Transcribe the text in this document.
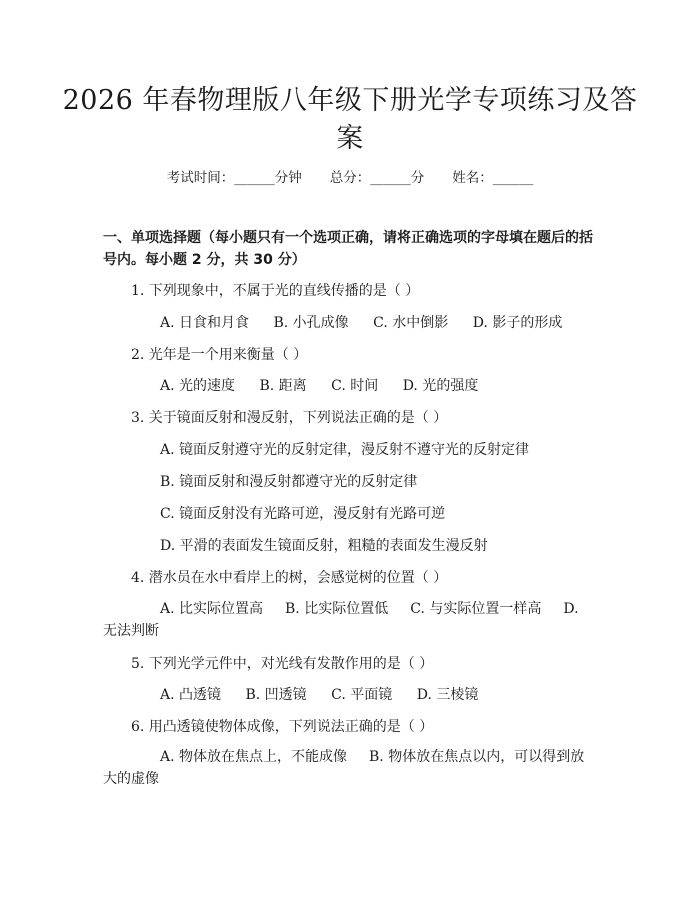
2026 年春物理版八年级下册光学专项练习及答案
考试时间：______分钟 总分：______分 姓名：______
一、单项选择题（每小题只有一个选项正确，请将正确选项的字母填在题后的括号内。每小题 2 分，共 30 分）
1. 下列现象中，不属于光的直线传播的是（ ）
A. 日食和月食 B. 小孔成像 C. 水中倒影 D. 影子的形成
2. 光年是一个用来衡量（ ）
A. 光的速度 B. 距离 C. 时间 D. 光的强度
3. 关于镜面反射和漫反射，下列说法正确的是（ ）
A. 镜面反射遵守光的反射定律，漫反射不遵守光的反射定律
B. 镜面反射和漫反射都遵守光的反射定律
C. 镜面反射没有光路可逆，漫反射有光路可逆
D. 平滑的表面发生镜面反射，粗糙的表面发生漫反射
4. 潜水员在水中看岸上的树，会感觉树的位置（ ）
A. 比实际位置高 B. 比实际位置低 C. 与实际位置一样高 D. 无法判断
5. 下列光学元件中，对光线有发散作用的是（ ）
A. 凸透镜 B. 凹透镜 C. 平面镜 D. 三棱镜
6. 用凸透镜使物体成像，下列说法正确的是（ ）
A. 物体放在焦点上，不能成像 B. 物体放在焦点以内，可以得到放大的虚像
